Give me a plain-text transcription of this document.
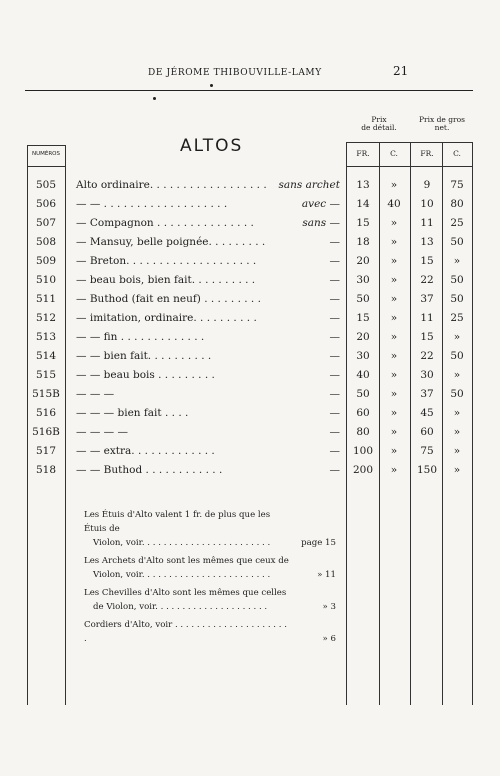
DE JÉROME THIBOUVILLE-LAMY	21
Prix
de détail.
Prix de gros
net.
ALTOS	FR.	C.	FR.	C.
NUMÉROS
505	Alto ordinaire. . . . . . . . . . . . . . . . . .	sans archet	13	»	9	75
506	— — . . . . . . . . . . . . . . . . . . .	avec —	14	40	10	80
507	— Compagnon . . . . . . . . . . . . . . .	sans —	15	»	11	25
508	— Mansuy, belle poignée. . . . . . . . .	—	18	»	13	50
509	— Breton. . . . . . . . . . . . . . . . . . . .	—	20	»	15	»
510	— beau bois, bien fait. . . . . . . . . .	—	30	»	22	50
511	— Buthod (fait en neuf) . . . . . . . . .	—	50	»	37	50
512	— imitation, ordinaire. . . . . . . . . .	—	15	»	11	25
513	— — fin . . . . . . . . . . . . .	—	20	»	15	»
514	— — bien fait. . . . . . . . . .	—	30	»	22	50
515	— — beau bois . . . . . . . . .	—	40	»	30	»
515B	— — —	—	50	»	37	50
516	— — — bien fait . . . .	—	60	»	45	»
516B	— — — —	—	80	»	60	»
517	— — extra. . . . . . . . . . . . .	—	100	»	75	»
518	— — Buthod . . . . . . . . . . . .	—	200	»	150	»
Les Étuis d'Alto valent 1 fr. de plus que les Étuis de
Violon, voir. . . . . . . . . . . . . . . . . . . . . . . .	page 15
Les Archets d'Alto sont les mêmes que ceux de
Violon, voir. . . . . . . . . . . . . . . . . . . . . . . .	» 11
Les Chevilles d'Alto sont les mêmes que celles
de Violon, voir. . . . . . . . . . . . . . . . . . . . .	» 3
Cordiers d'Alto, voir . . . . . . . . . . . . . . . . . . . . . .	» 6
